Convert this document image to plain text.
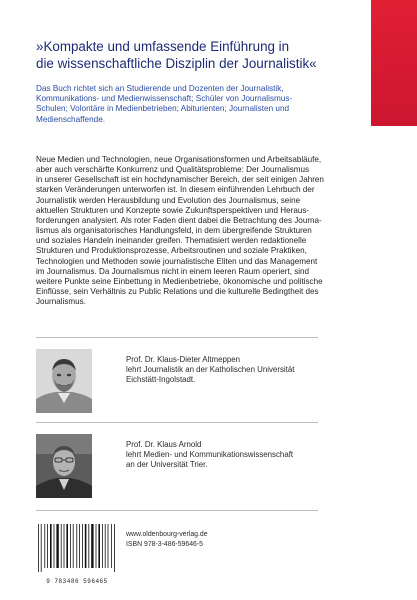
»Kompakte und umfassende Einführung in
die wissenschaftliche Disziplin der Journalistik«
Das Buch richtet sich an Studierende und Dozenten der Journalistik,
Kommunikations- und Medienwissenschaft; Schüler von Journalismus-
Schulen; Volontäre in Medienbetrieben; Abiturienten; Journalisten und
Medienschaffende.
Neue Medien und Technologien, neue Organisationsformen und Arbeitsabläufe,
aber auch verschärfte Konkurrenz und Qualitätsprobleme: Der Journalismus
in unserer Gesellschaft ist ein hochdynamischer Bereich, der seit einigen Jahren
starken Veränderungen unterworfen ist. In diesem einführenden Lehrbuch der
Journalistik werden Herausbildung und Evolution des Journalismus, seine
aktuellen Strukturen und Konzepte sowie Zukunftsperspektiven und Heraus-
forderungen analysiert. Als roter Faden dient dabei die Betrachtung des Journa-
lismus als organisatorisches Handlungsfeld, in dem übergreifende Strukturen
und soziales Handeln ineinander greifen. Thematisiert werden redaktionelle
Strukturen und Produktionsprozesse, Arbeitsroutinen und soziale Praktiken,
Technologien und Methoden sowie journalistische Eliten und das Management
im Journalismus. Da Journalismus nicht in einem leeren Raum operiert, sind
weitere Punkte seine Einbettung in Medienbetriebe, ökonomische und politische
Einflüsse, sein Verhältnis zu Public Relations und die kulturelle Bedingtheit des
Journalismus.
Prof. Dr. Klaus-Dieter Altmeppen
lehrt Journalistik an der Katholischen Universität
Eichstätt-Ingolstadt.
Prof. Dr. Klaus Arnold
lehrt Medien- und Kommunikationswissenschaft
an der Universität Trier.
9 783486 596465
www.oldenbourg-verlag.de
ISBN 978-3-486-59646-5
